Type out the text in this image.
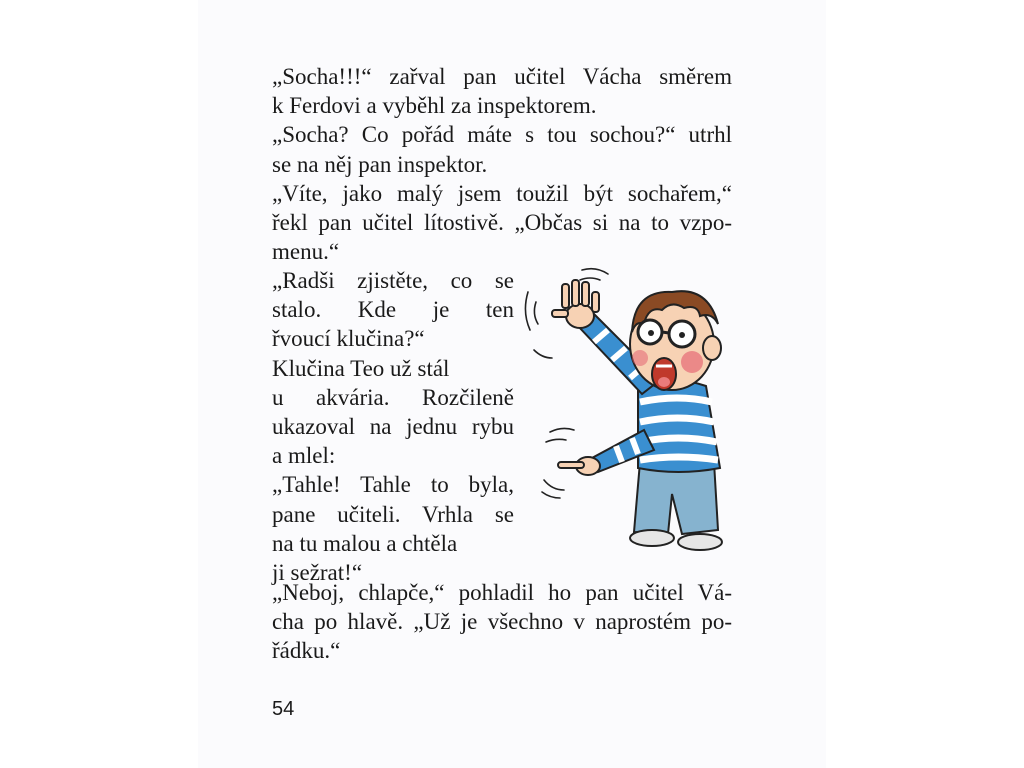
„Socha!!!“ zařval pan učitel Vácha směrem
k Ferdovi a vyběhl za inspektorem.
„Socha? Co pořád máte s tou sochou?“ utrhl
se na něj pan inspektor.
„Víte, jako malý jsem toužil být sochařem,“
řekl pan učitel lítostivě. „Občas si na to vzpo-
menu.“
„Radši zjistěte, co se
stalo. Kde je ten
řvoucí klučina?“
Klučina Teo už stál
u akvária. Rozčileně
ukazoval na jednu rybu
a mlel:
„Tahle! Tahle to byla,
pane učiteli. Vrhla se
na tu malou a chtěla
ji sežrat!“
„Neboj, chlapče,“ pohladil ho pan učitel Vá-
cha po hlavě. „Už je všechno v naprostém po-
řádku.“
54
